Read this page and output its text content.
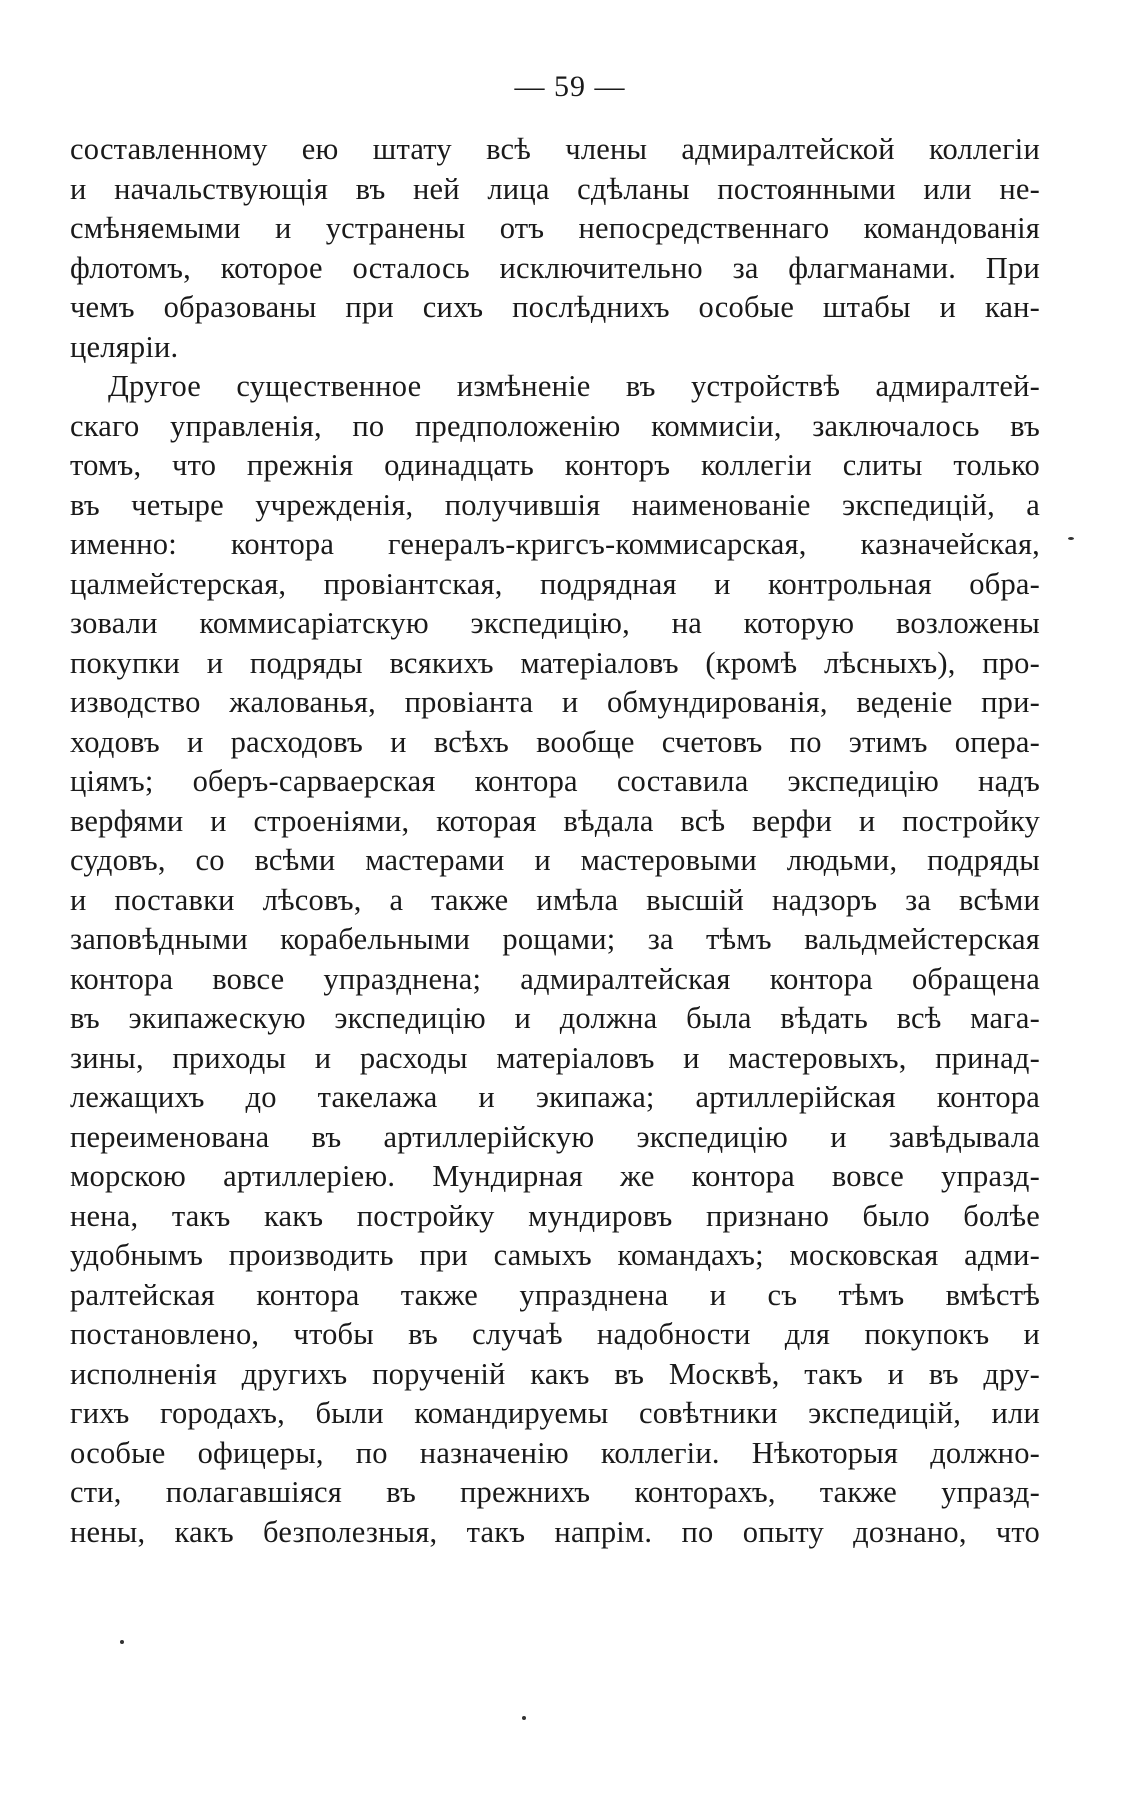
— 59 —
составленному ею штату всѣ члены адмиралтейской коллегіи
и начальствующія въ ней лица сдѣланы постоянными или не-
смѣняемыми и устранены отъ непосредственнаго командованія
флотомъ, которое осталось исключительно за флагманами. При
чемъ образованы при сихъ послѣднихъ особые штабы и кан-
целяріи.
Другое существенное измѣненіе въ устройствѣ адмиралтей-
скаго управленія, по предположенію коммисіи, заключалось въ
томъ, что прежнія одинадцать конторъ коллегіи слиты только
въ четыре учрежденія, получившія наименованіе экспедицій, а
именно: контора генералъ-кригсъ-коммисарская, казначейская,
цалмейстерская, провіантская, подрядная и контрольная обра-
зовали коммисаріатскую экспедицію, на которую возложены
покупки и подряды всякихъ матеріаловъ (кромѣ лѣсныхъ), про-
изводство жалованья, провіанта и обмундированія, веденіе при-
ходовъ и расходовъ и всѣхъ вообще счетовъ по этимъ опера-
ціямъ; оберъ-сарваерская контора составила экспедицію надъ
верфями и строеніями, которая вѣдала всѣ верфи и постройку
судовъ, со всѣми мастерами и мастеровыми людьми, подряды
и поставки лѣсовъ, а также имѣла высшій надзоръ за всѣми
заповѣдными корабельными рощами; за тѣмъ вальдмейстерская
контора вовсе упразднена; адмиралтейская контора обращена
въ экипажескую экспедицію и должна была вѣдать всѣ мага-
зины, приходы и расходы матеріаловъ и мастеровыхъ, принад-
лежащихъ до такелажа и экипажа; артиллерійская контора
переименована въ артиллерійскую экспедицію и завѣдывала
морскою артиллеріею. Мундирная же контора вовсе упразд-
нена, такъ какъ постройку мундировъ признано было болѣе
удобнымъ производить при самыхъ командахъ; московская адми-
ралтейская контора также упразднена и съ тѣмъ вмѣстѣ
постановлено, чтобы въ случаѣ надобности для покупокъ и
исполненія другихъ порученій какъ въ Москвѣ, такъ и въ дру-
гихъ городахъ, были командируемы совѣтники экспедицій, или
особые офицеры, по назначенію коллегіи. Нѣкоторыя должно-
сти, полагавшіяся въ прежнихъ конторахъ, также упразд-
нены, какъ безполезныя, такъ напрім. по опыту дознано, что
